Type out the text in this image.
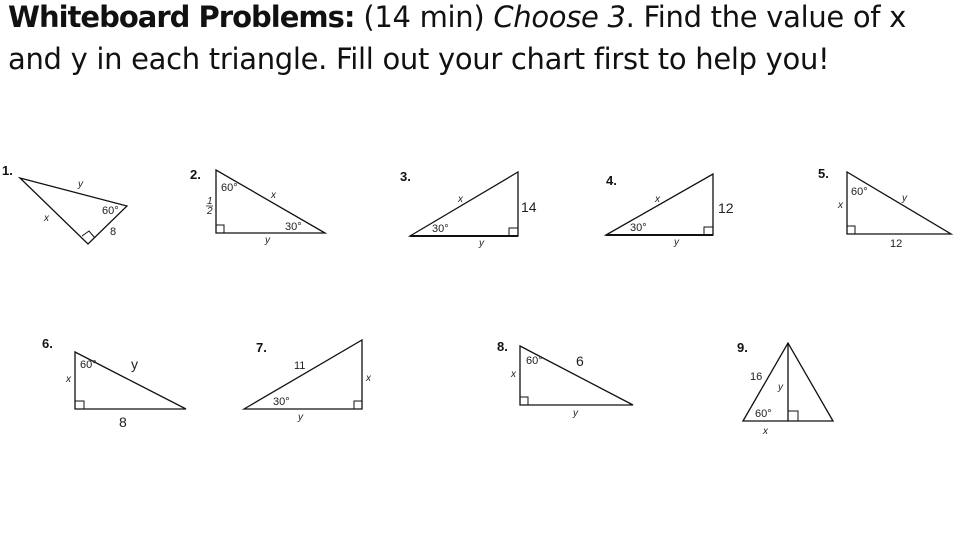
Whiteboard Problems: (14 min) Choose 3. Find the value of x and y in each triangle. Fill out your chart first to help you!
1.
y
60°
x
8
2.
60°
x
1
2
30°
y
3.
x	14
30°
y
4.
x
12
30°
y
5.
60°
y
x
12
6.
60° y
x
8
7.
11
x
30°
y
8.
60° 6
x
y
9.
16
y
60°
x
